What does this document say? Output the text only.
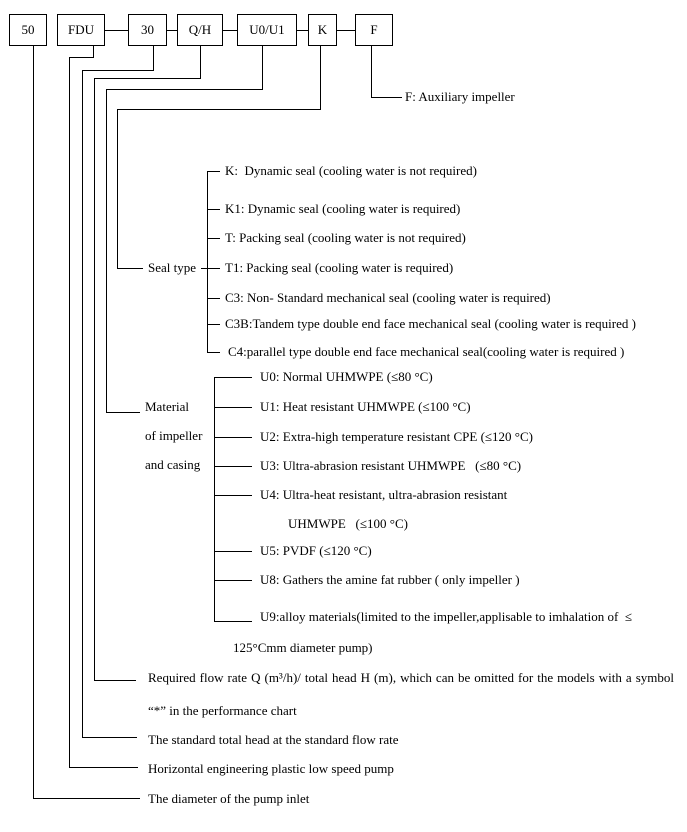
50	FDU	30	Q/H	U0/U1	K	F
F: Auxiliary impeller
Seal type
K:  Dynamic seal (cooling water is not required)
K1: Dynamic seal (cooling water is required)
T: Packing seal (cooling water is not required)
T1: Packing seal (cooling water is required)
C3: Non- Standard mechanical seal (cooling water is required)
C3B:Tandem type double end face mechanical seal (cooling water is required )
C4:parallel type double end face mechanical seal(cooling water is required )
Material
of impeller
and casing
U0: Normal UHMWPE (≤80 °C)
U1: Heat resistant UHMWPE (≤100 °C)
U2: Extra-high temperature resistant CPE (≤120 °C)
U3: Ultra-abrasion resistant UHMWPE   (≤80 °C)
U4: Ultra-heat resistant, ultra-abrasion resistant
UHMWPE   (≤100 °C)
U5: PVDF (≤120 °C)
U8: Gathers the amine fat rubber ( only impeller )
U9:alloy materials(limited to the impeller,applisable to imhalation of  ≤
125°Cmm diameter pump)
Required flow rate Q (m³/h)/ total head H (m), which can be omitted for the models with a symbol “*” in the performance chart
The standard total head at the standard flow rate
Horizontal engineering plastic low speed pump
The diameter of the pump inlet
